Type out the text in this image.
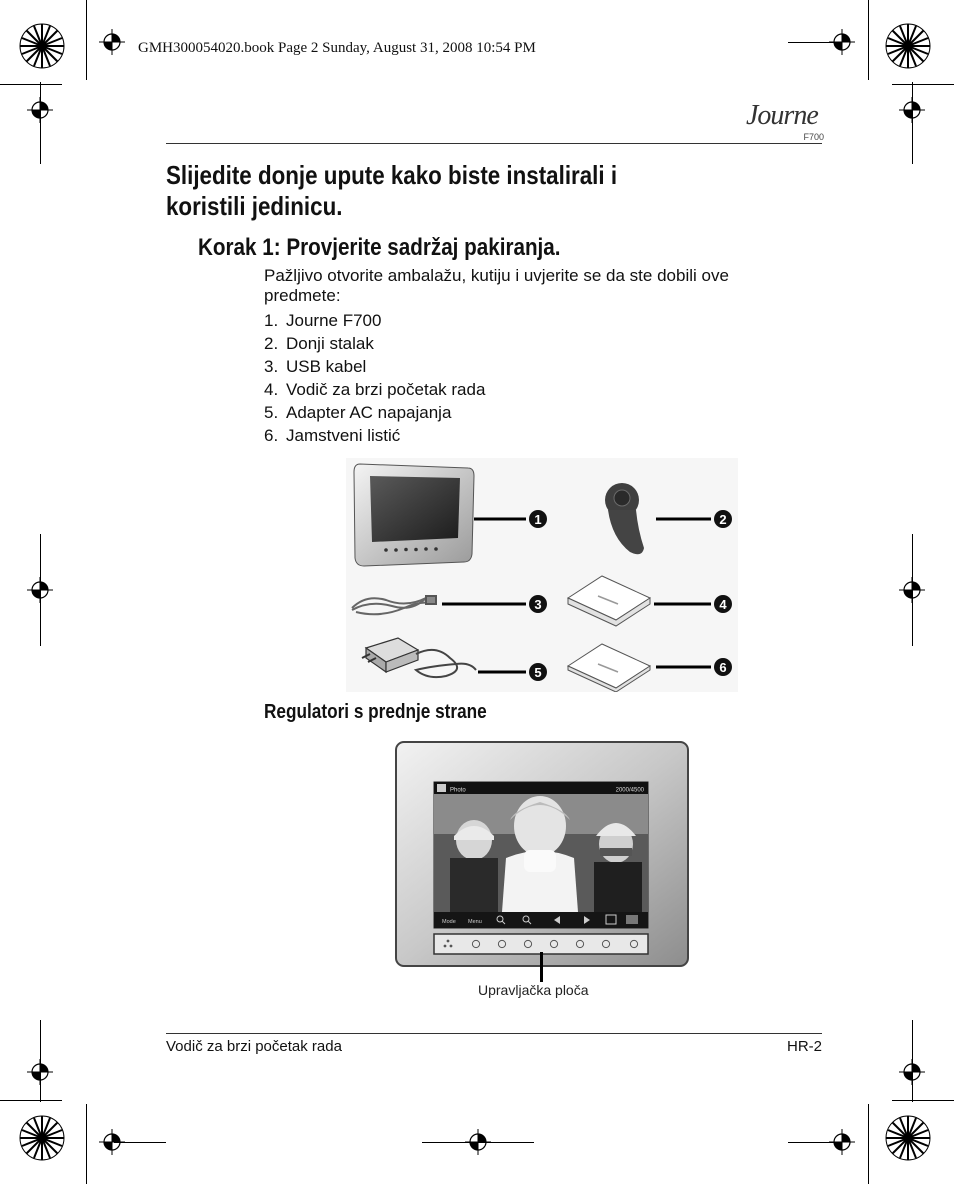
GMH300054020.book Page 2 Sunday, August 31, 2008 10:54 PM
Journe
F700
Slijedite donje upute kako biste instalirali i
koristili jedinicu.
Korak 1: Provjerite sadržaj pakiranja.
Pažljivo otvorite ambalažu, kutiju i uvjerite se da ste dobili ove predmete:
1. Journe F700
2. Donji stalak
3. USB kabel
4. Vodič za brzi početak rada
5. Adapter AC napajanja
6. Jamstveni listić
1	2
3	4
5	6
Regulatori s prednje strane
Photo	2000/4500
Mode Menu
Upravljačka ploča
Vodič za brzi početak rada	HR-2
